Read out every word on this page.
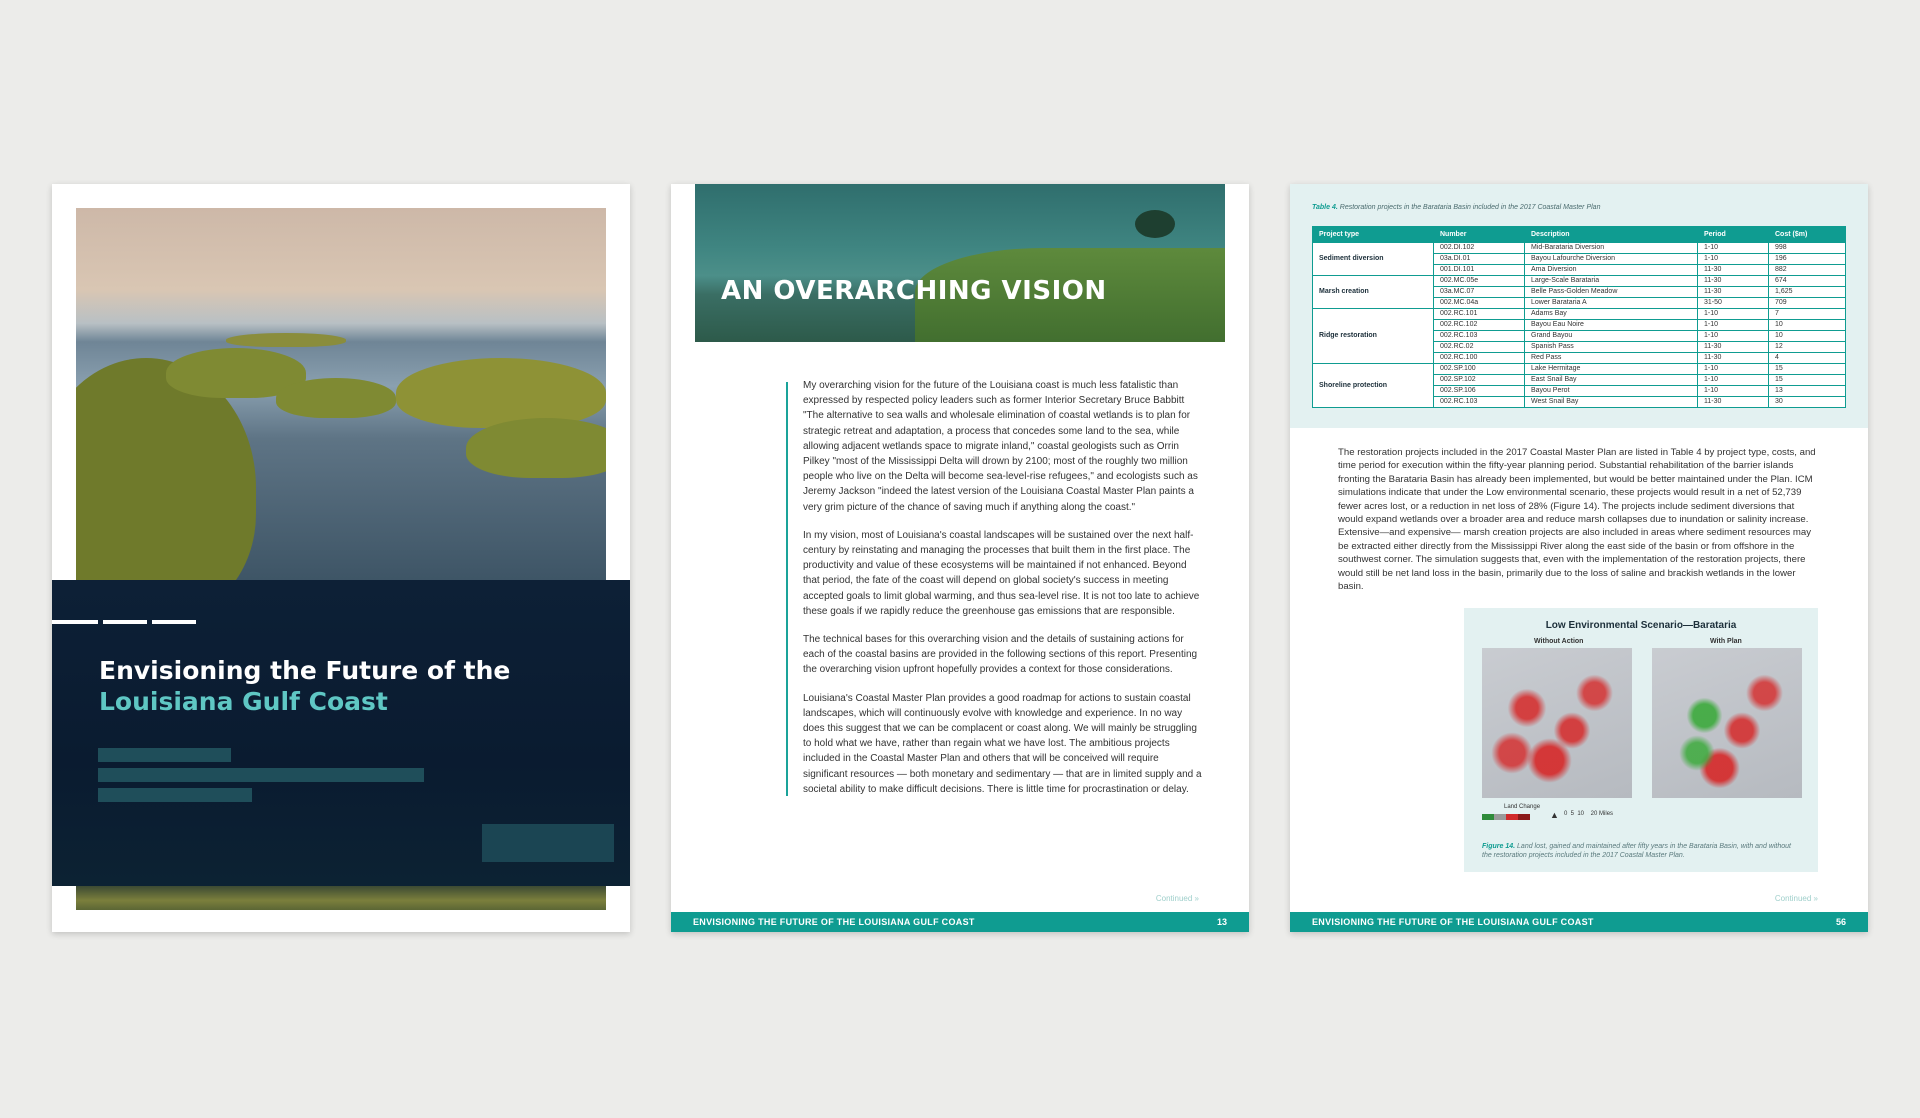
Envisioning the Future of the
Louisiana Gulf Coast
AN OVERARCHING VISION

My overarching vision for the future of the Louisiana coast is much less fatalistic than expressed by respected policy leaders such as former Interior Secretary Bruce Babbitt "The alternative to sea walls and wholesale elimination of coastal wetlands is to plan for strategic retreat and adaptation, a process that concedes some land to the sea, while allowing adjacent wetlands space to migrate inland," coastal geologists such as Orrin Pilkey "most of the Mississippi Delta will drown by 2100; most of the roughly two million people who live on the Delta will become sea-level-rise refugees," and ecologists such as Jeremy Jackson "indeed the latest version of the Louisiana Coastal Master Plan paints a very grim picture of the chance of saving much if anything along the coast."

In my vision, most of Louisiana's coastal landscapes will be sustained over the next half-century by reinstating and managing the processes that built them in the first place. The productivity and value of these ecosystems will be maintained if not enhanced. Beyond that period, the fate of the coast will depend on global society's success in meeting accepted goals to limit global warming, and thus sea-level rise. It is not too late to achieve these goals if we rapidly reduce the greenhouse gas emissions that are responsible.

The technical bases for this overarching vision and the details of sustaining actions for each of the coastal basins are provided in the following sections of this report. Presenting the overarching vision upfront hopefully provides a context for those considerations.

Louisiana's Coastal Master Plan provides a good roadmap for actions to sustain coastal landscapes, which will continuously evolve with knowledge and experience. In no way does this suggest that we can be complacent or coast along. We will mainly be struggling to hold what we have, rather than regain what we have lost. The ambitious projects included in the Coastal Master Plan and others that will be conceived will require significant resources — both monetary and sedimentary — that are in limited supply and a societal ability to make difficult decisions. There is little time for procrastination or delay.

Continued »
ENVISIONING THE FUTURE OF THE LOUISIANA GULF COAST	13
Table 4. Restoration projects in the Barataria Basin included in the 2017 Coastal Master Plan
Project type	Number	Description	Period	Cost ($m)
Sediment diversion	002.DI.102	Mid-Barataria Diversion	1-10	998
	03a.DI.01	Bayou Lafourche Diversion	1-10	196
	001.DI.101	Ama Diversion	11-30	882
Marsh creation	002.MC.05e	Large-Scale Barataria	11-30	674
	03a.MC.07	Belle Pass-Golden Meadow	11-30	1,625
	002.MC.04a	Lower Barataria A	31-50	709
Ridge restoration	002.RC.101	Adams Bay	1-10	7
	002.RC.102	Bayou Eau Noire	1-10	10
	002.RC.103	Grand Bayou	1-10	10
	002.RC.02	Spanish Pass	11-30	12
	002.RC.100	Red Pass	11-30	4
Shoreline protection	002.SP.100	Lake Hermitage	1-10	15
	002.SP.102	East Snail Bay	1-10	15
	002.SP.106	Bayou Perot	1-10	13
	002.RC.103	West Snail Bay	11-30	30
The restoration projects included in the 2017 Coastal Master Plan are listed in Table 4 by project type, costs, and time period for execution within the fifty-year planning period. Substantial rehabilitation of the barrier islands fronting the Barataria Basin has already been implemented, but would be better maintained under the Plan. ICM simulations indicate that under the Low environmental scenario, these projects would result in a net of 52,739 fewer acres lost, or a reduction in net loss of 28% (Figure 14). The projects include sediment diversions that would expand wetlands over a broader area and reduce marsh collapses due to inundation or salinity increase. Extensive—and expensive— marsh creation projects are also included in areas where sediment resources may be extracted either directly from the Mississippi River along the east side of the basin or from offshore in the southwest corner. The simulation suggests that, even with the implementation of the restoration projects, there would still be net land loss in the basin, primarily due to the loss of saline and brackish wetlands in the lower basin.
Low Environmental Scenario—Barataria
Without Action	With Plan
Land Change
▲ 0  5  10    20 Miles
Figure 14. Land lost, gained and maintained after fifty years in the Barataria Basin, with and without the restoration projects included in the 2017 Coastal Master Plan.
Continued »
ENVISIONING THE FUTURE OF THE LOUISIANA GULF COAST	56
